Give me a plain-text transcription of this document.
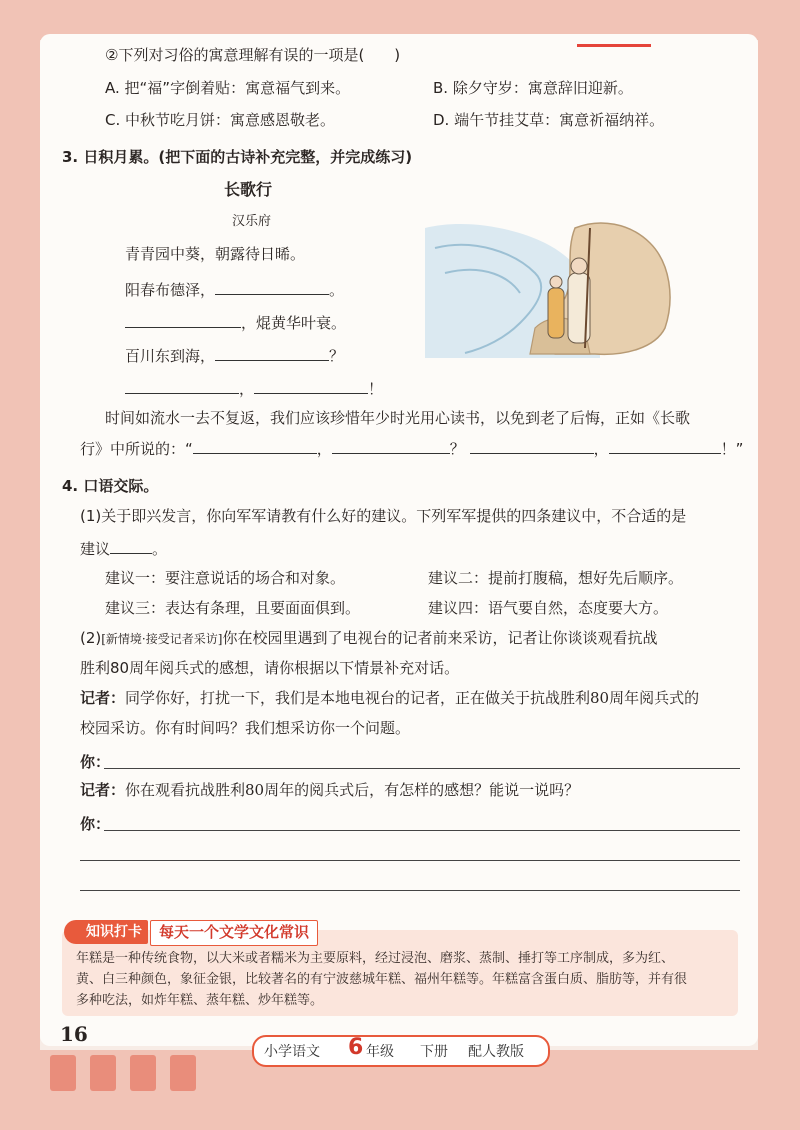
②下列对习俗的寓意理解有误的一项是(　　)
A. 把“福”字倒着贴：寓意福气到来。	B. 除夕守岁：寓意辞旧迎新。
C. 中秋节吃月饼：寓意感恩敬老。	D. 端午节挂艾草：寓意祈福纳祥。
3. 日积月累。(把下面的古诗补充完整，并完成练习)
长歌行
汉乐府
青青园中葵，朝露待日晞。
阳春布德泽，	。
，焜黄华叶衰。
百川东到海，	？
，	！
时间如流水一去不复返，我们应该珍惜年少时光用心读书，以免到老了后悔，正如《长歌
行》中所说的：“	，	？	，	！”
4. 口语交际。
(1)关于即兴发言，你向军军请教有什么好的建议。下列军军提供的四条建议中，不合适的是
建议	。
建议一：要注意说话的场合和对象。	建议二：提前打腹稿，想好先后顺序。
建议三：表达有条理，且要面面俱到。	建议四：语气要自然，态度要大方。
(2)[新情境·接受记者采访]你在校园里遇到了电视台的记者前来采访，记者让你谈谈观看抗战
胜利80周年阅兵式的感想，请你根据以下情景补充对话。
记者：同学你好，打扰一下，我们是本地电视台的记者，正在做关于抗战胜利80周年阅兵式的
校园采访。你有时间吗？我们想采访你一个问题。
你：
记者：你在观看抗战胜利80周年的阅兵式后，有怎样的感想？能说一说吗？
你：
知识打卡	每天一个文学文化常识
年糕是一种传统食物，以大米或者糯米为主要原料，经过浸泡、磨浆、蒸制、捶打等工序制成，多为红、
黄、白三种颜色，象征金银，比较著名的有宁波慈城年糕、福州年糕等。年糕富含蛋白质、脂肪等，并有很
多种吃法，如炸年糕、蒸年糕、炒年糕等。
16
小学语文 6 年级 下册 配人教版
